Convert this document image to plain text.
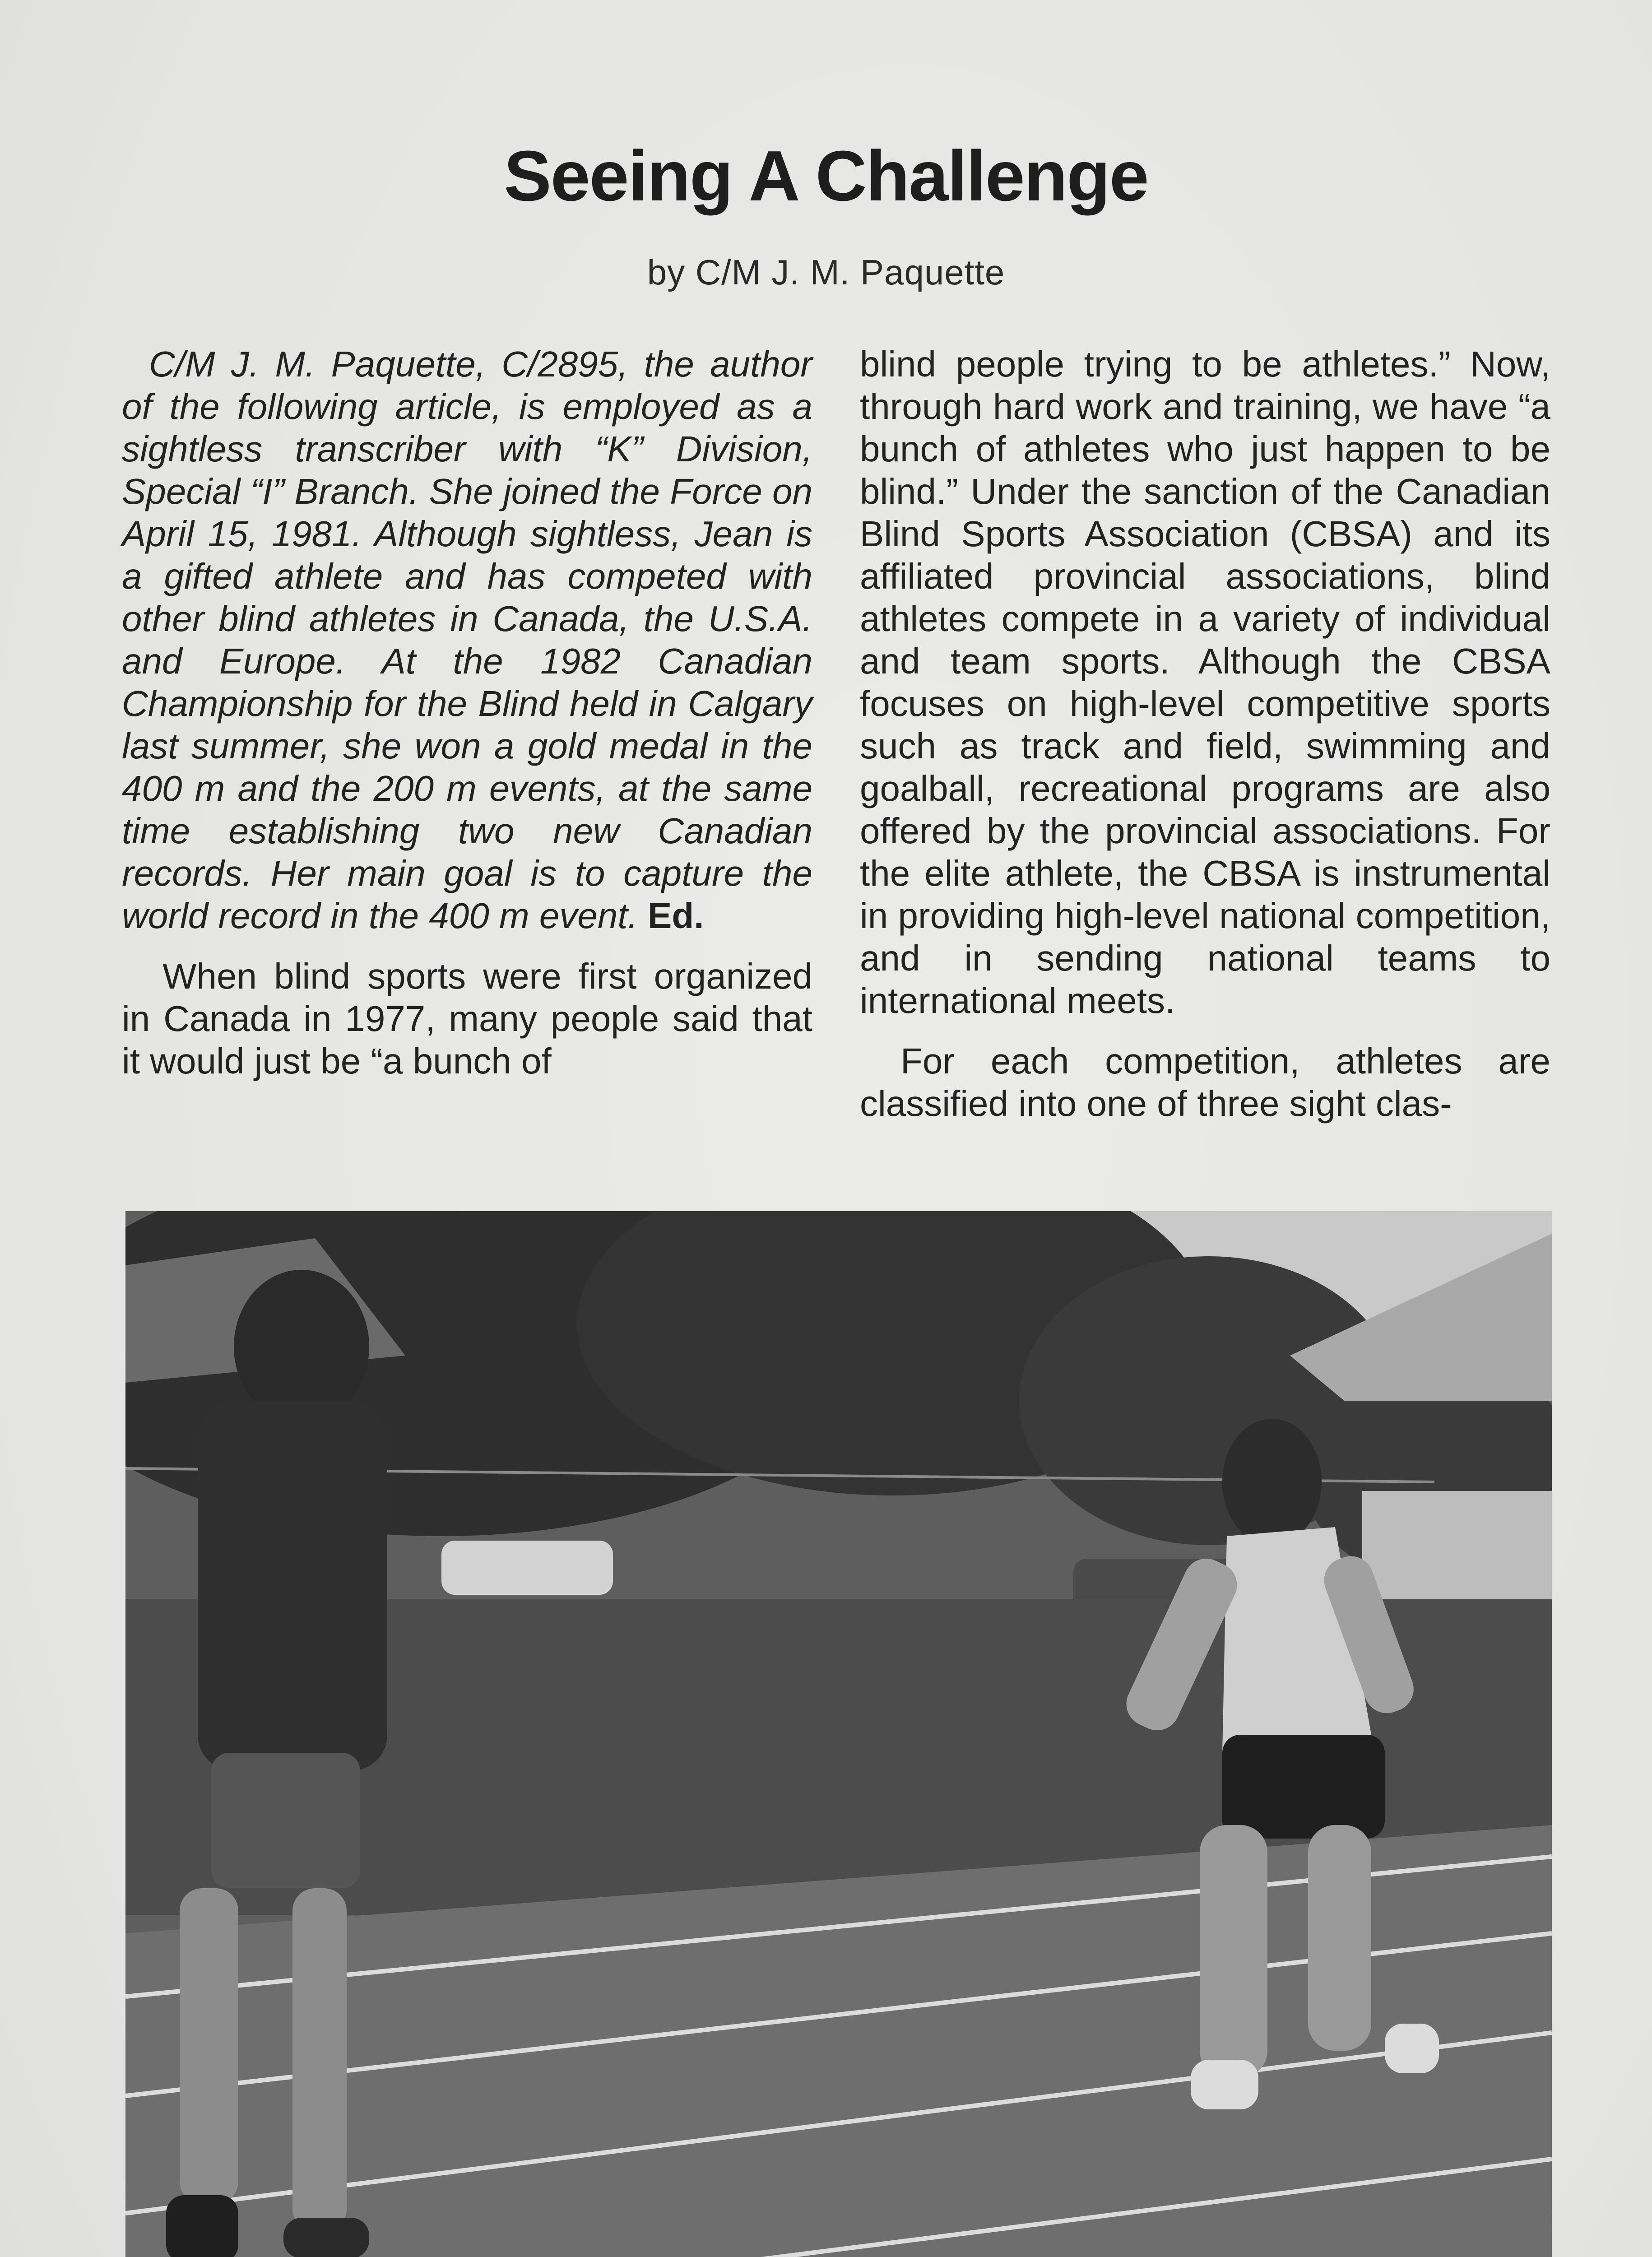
Seeing A Challenge
by C/M J. M. Paquette

C/M J. M. Paquette, C/2895, the author of the following article, is employed as a sightless transcriber with “K” Division, Special “I” Branch. She joined the Force on April 15, 1981. Although sightless, Jean is a gifted athlete and has competed with other blind athletes in Canada, the U.S.A. and Europe. At the 1982 Canadian Championship for the Blind held in Calgary last summer, she won a gold medal in the 400 m and the 200 m events, at the same time establishing two new Canadian records. Her main goal is to capture the world record in the 400 m event. Ed.

When blind sports were first organized in Canada in 1977, many people said that it would just be “a bunch of

blind people trying to be athletes.” Now, through hard work and training, we have “a bunch of athletes who just happen to be blind.” Under the sanction of the Canadian Blind Sports Association (CBSA) and its affiliated provincial associations, blind athletes compete in a variety of individual and team sports. Although the CBSA focuses on high-level competitive sports such as track and field, swimming and goalball, recreational programs are also offered by the provincial associations. For the elite athlete, the CBSA is instrumental in providing high-level national competition, and in sending national teams to international meets.

For each competition, athletes are classified into one of three sight clas-
